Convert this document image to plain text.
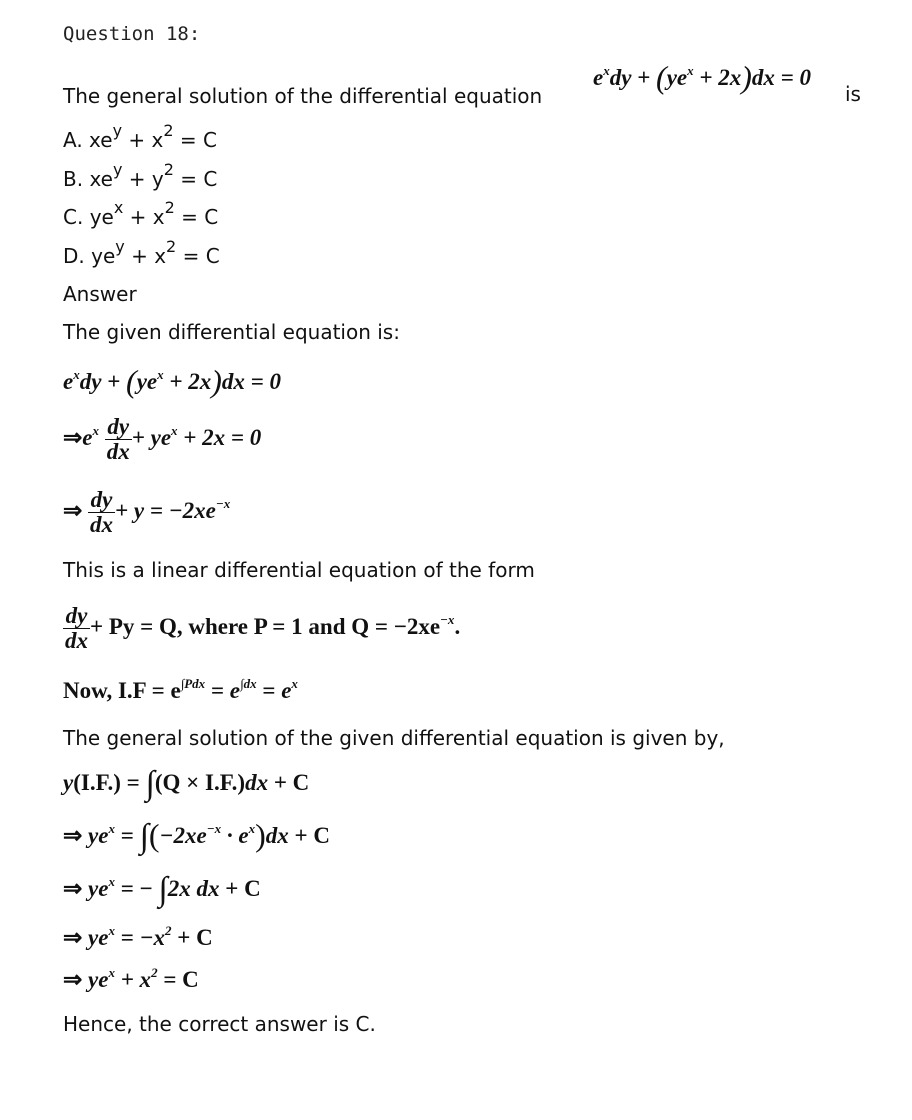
Question 18:
The general solution of the differential equation
$e^xdy + (ye^x + 2x)dx = 0$
is
A. $xe^y + x^2 = C$
B. $xe^y + y^2 = C$
C. $ye^x + x^2 = C$
D. $ye^y + x^2 = C$
Answer
The given differential equation is:
$e^xdy + (ye^x + 2x)dx = 0$
$\Rightarrow e^x \frac{dy}{dx} + ye^x + 2x = 0$
⇒ $\frac{dy}{dx} + y = -2xe^{-x}$
This is a linear differential equation of the form
$\frac{dy}{dx} + Py = Q$, where P = 1 and $Q = -2xe^{-x}$.
Now, $I.F = e^{\int Pdx} = e^{\int dx} = e^x$
The general solution of the given differential equation is given by,
y(I.F.) = ∫(Q × I.F.)dx + C
⇒ $ye^x = \int(-2xe^{-x} \cdot e^x)dx + C$
⇒ $ye^x$ = − ∫2x dx + C
⇒ $ye^x = -x^2 + C$
⇒ $ye^x + x^2 = C$
Hence, the correct answer is C.
